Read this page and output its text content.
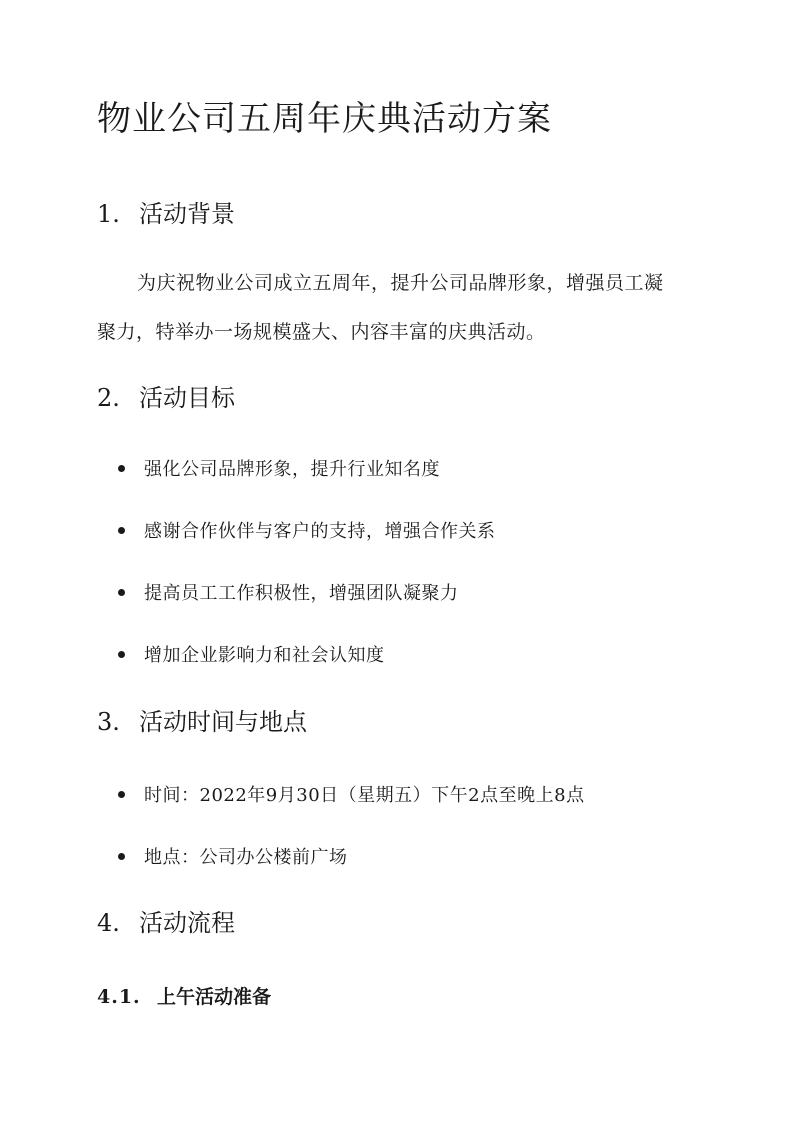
物业公司五周年庆典活动方案
1. 活动背景

为庆祝物业公司成立五周年，提升公司品牌形象，增强员工凝

聚力，特举办一场规模盛大、内容丰富的庆典活动。

2. 活动目标

强化公司品牌形象，提升行业知名度

感谢合作伙伴与客户的支持，增强合作关系

提高员工工作积极性，增强团队凝聚力

增加企业影响力和社会认知度

3. 活动时间与地点

时间：2022年9月30日（星期五）下午2点至晚上8点

地点：公司办公楼前广场

4. 活动流程
4.1. 上午活动准备
